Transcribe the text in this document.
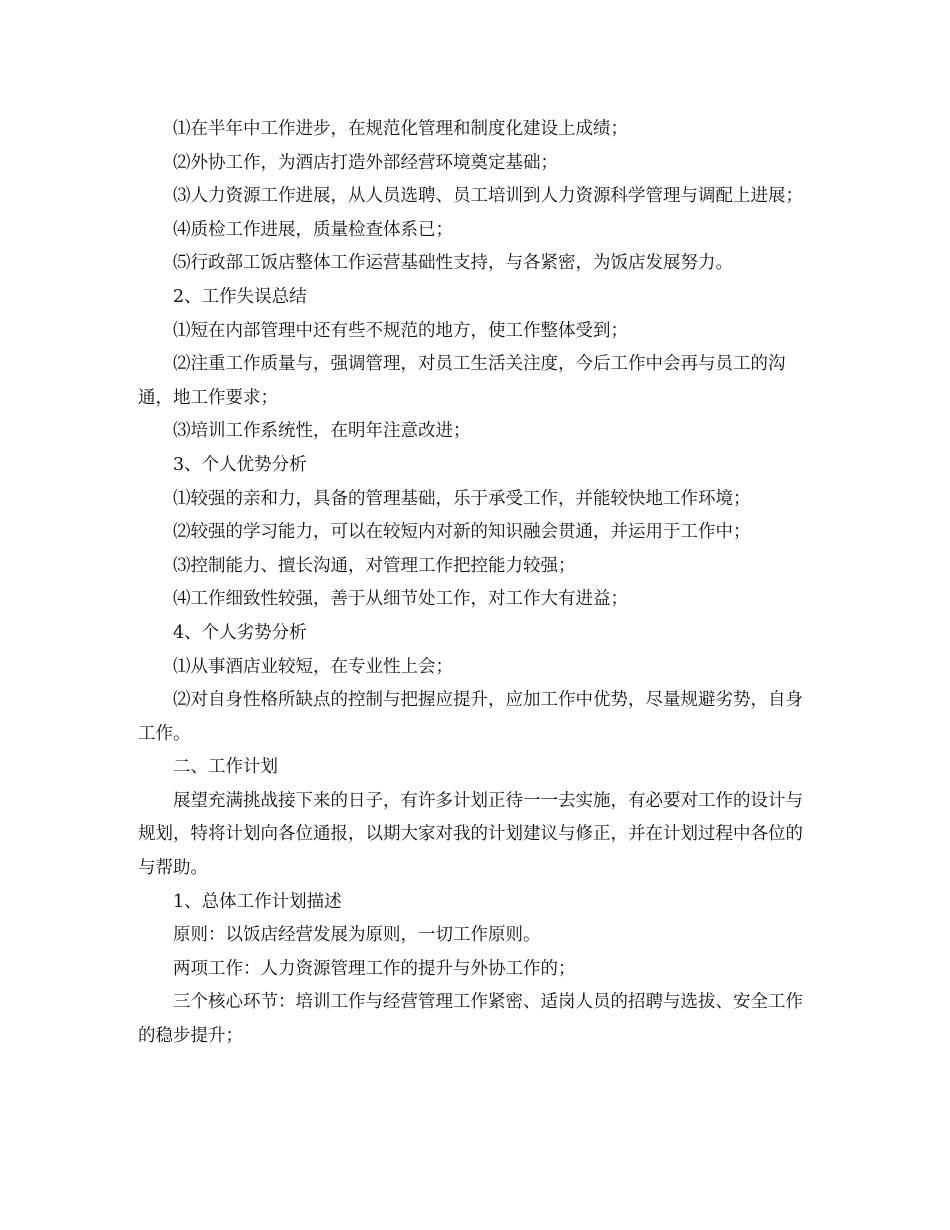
⑴在半年中工作进步，在规范化管理和制度化建设上成绩；

⑵外协工作，为酒店打造外部经营环境奠定基础；

⑶人力资源工作进展，从人员选聘、员工培训到人力资源科学管理与调配上进展；

⑷质检工作进展，质量检查体系已；

⑸行政部工饭店整体工作运营基础性支持，与各紧密，为饭店发展努力。

2、工作失误总结

⑴短在内部管理中还有些不规范的地方，使工作整体受到；

⑵注重工作质量与，强调管理，对员工生活关注度，今后工作中会再与员工的沟通，地工作要求；

⑶培训工作系统性，在明年注意改进；

3、个人优势分析

⑴较强的亲和力，具备的管理基础，乐于承受工作，并能较快地工作环境；

⑵较强的学习能力，可以在较短内对新的知识融会贯通，并运用于工作中；

⑶控制能力、擅长沟通，对管理工作把控能力较强；

⑷工作细致性较强，善于从细节处工作，对工作大有进益；

4、个人劣势分析

⑴从事酒店业较短，在专业性上会；

⑵对自身性格所缺点的控制与把握应提升，应加工作中优势，尽量规避劣势，自身工作。

二、工作计划

展望充满挑战接下来的日子，有许多计划正待一一去实施，有必要对工作的设计与规划，特将计划向各位通报，以期大家对我的计划建议与修正，并在计划过程中各位的与帮助。

1、总体工作计划描述

原则：以饭店经营发展为原则，一切工作原则。

两项工作：人力资源管理工作的提升与外协工作的；

三个核心环节：培训工作与经营管理工作紧密、适岗人员的招聘与选拔、安全工作的稳步提升；
